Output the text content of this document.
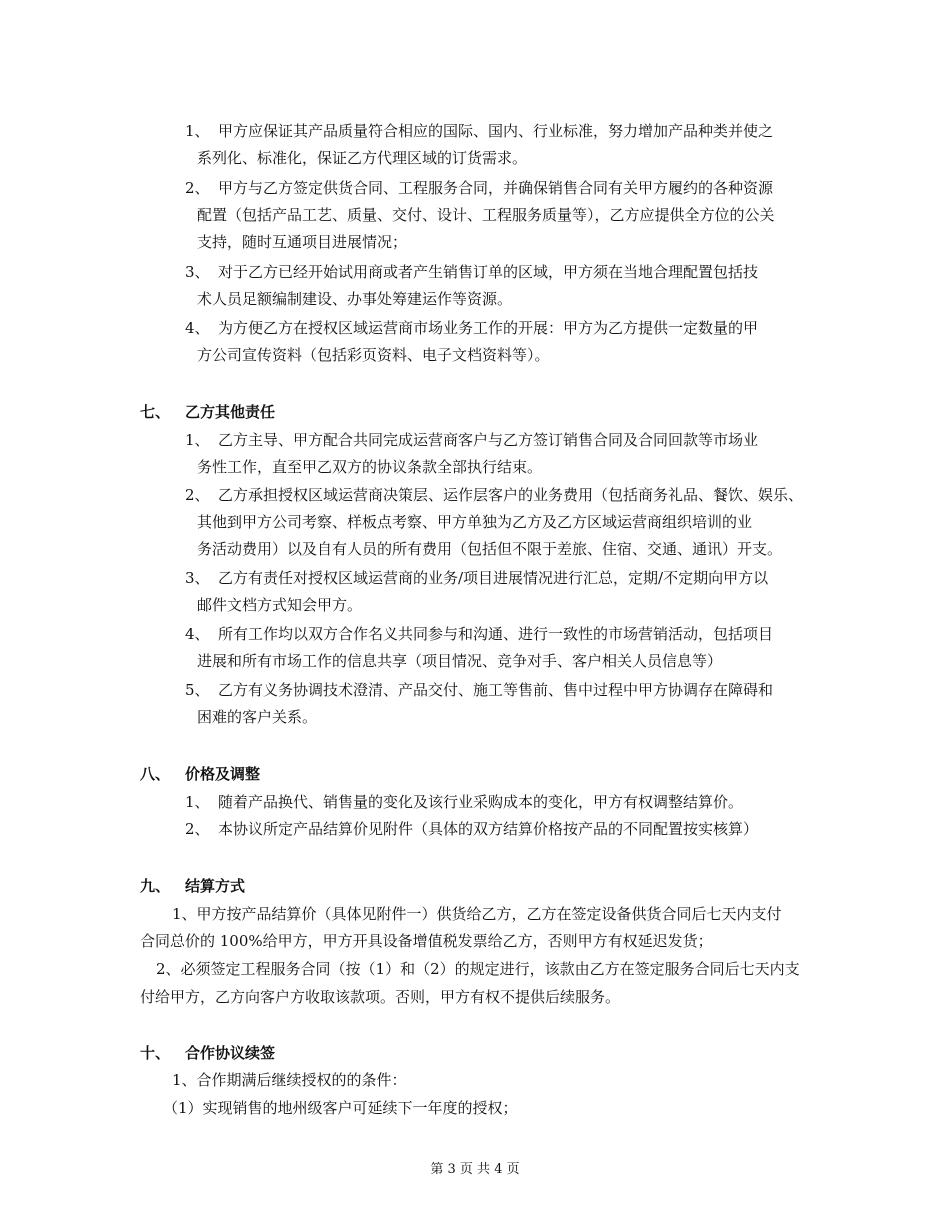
1、 甲方应保证其产品质量符合相应的国际、国内、行业标准，努力增加产品种类并使之
系列化、标准化，保证乙方代理区域的订货需求。
2、 甲方与乙方签定供货合同、工程服务合同，并确保销售合同有关甲方履约的各种资源
配置（包括产品工艺、质量、交付、设计、工程服务质量等），乙方应提供全方位的公关
支持，随时互通项目进展情况；
3、 对于乙方已经开始试用商或者产生销售订单的区域，甲方须在当地合理配置包括技
术人员足额编制建设、办事处筹建运作等资源。
4、 为方便乙方在授权区域运营商市场业务工作的开展：甲方为乙方提供一定数量的甲
方公司宣传资料（包括彩页资料、电子文档资料等）。
七、 乙方其他责任
1、 乙方主导、甲方配合共同完成运营商客户与乙方签订销售合同及合同回款等市场业
务性工作，直至甲乙双方的协议条款全部执行结束。
2、 乙方承担授权区域运营商决策层、运作层客户的业务费用（包括商务礼品、餐饮、娱乐、
其他到甲方公司考察、样板点考察、甲方单独为乙方及乙方区域运营商组织培训的业
务活动费用）以及自有人员的所有费用（包括但不限于差旅、住宿、交通、通讯）开支。
3、 乙方有责任对授权区域运营商的业务/项目进展情况进行汇总，定期/不定期向甲方以
邮件文档方式知会甲方。
4、 所有工作均以双方合作名义共同参与和沟通、进行一致性的市场营销活动，包括项目
进展和所有市场工作的信息共享（项目情况、竞争对手、客户相关人员信息等）
5、 乙方有义务协调技术澄清、产品交付、施工等售前、售中过程中甲方协调存在障碍和
困难的客户关系。
八、 价格及调整
1、 随着产品换代、销售量的变化及该行业采购成本的变化，甲方有权调整结算价。
2、 本协议所定产品结算价见附件（具体的双方结算价格按产品的不同配置按实核算）
九、 结算方式
1、甲方按产品结算价（具体见附件一）供货给乙方，乙方在签定设备供货合同后七天内支付
合同总价的 100%给甲方，甲方开具设备增值税发票给乙方，否则甲方有权延迟发货；
2、必须签定工程服务合同（按（1）和（2）的规定进行，该款由乙方在签定服务合同后七天内支
付给甲方，乙方向客户方收取该款项。否则，甲方有权不提供后续服务。
十、 合作协议续签
1、合作期满后继续授权的的条件：
（1）实现销售的地州级客户可延续下一年度的授权；
第 3 页 共 4 页
